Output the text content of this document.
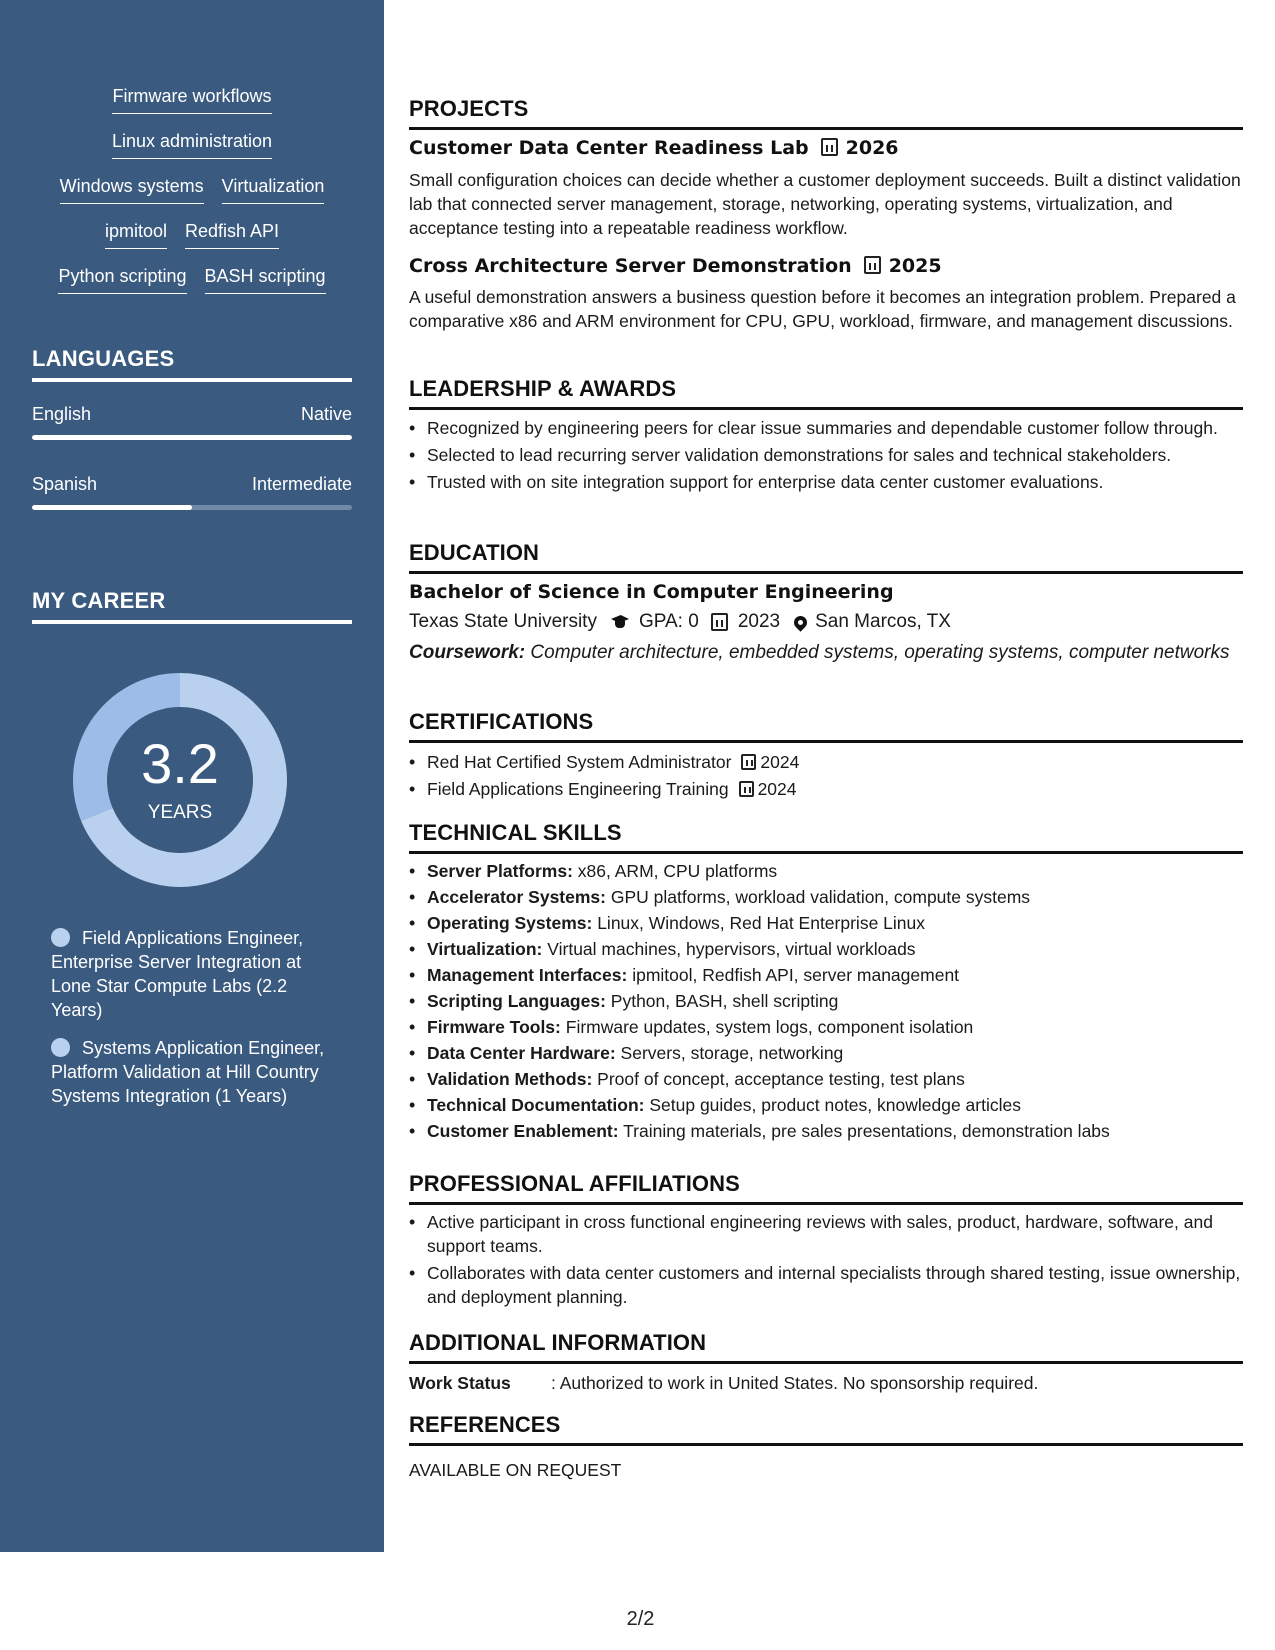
Firmware workflows
Linux administration
Windows systems Virtualization
ipmitool Redfish API
Python scripting BASH scripting
LANGUAGES
English	Native
Spanish	Intermediate
MY CAREER
3.2
YEARS
Field Applications Engineer, Enterprise Server Integration at Lone Star Compute Labs (2.2 Years)
Systems Application Engineer, Platform Validation at Hill Country Systems Integration (1 Years)
PROJECTS
Customer Data Center Readiness Lab 2026
Small configuration choices can decide whether a customer deployment succeeds. Built a distinct validation lab that connected server management, storage, networking, operating systems, virtualization, and acceptance testing into a repeatable readiness workflow.
Cross Architecture Server Demonstration 2025
A useful demonstration answers a business question before it becomes an integration problem. Prepared a comparative x86 and ARM environment for CPU, GPU, workload, firmware, and management discussions.
LEADERSHIP & AWARDS
• Recognized by engineering peers for clear issue summaries and dependable customer follow through.
• Selected to lead recurring server validation demonstrations for sales and technical stakeholders.
• Trusted with on site integration support for enterprise data center customer evaluations.
EDUCATION
Bachelor of Science in Computer Engineering
Texas State University GPA: 0 2023 San Marcos, TX
Coursework: Computer architecture, embedded systems, operating systems, computer networks
CERTIFICATIONS
• Red Hat Certified System Administrator 2024
• Field Applications Engineering Training 2024
TECHNICAL SKILLS
• Server Platforms: x86, ARM, CPU platforms
• Accelerator Systems: GPU platforms, workload validation, compute systems
• Operating Systems: Linux, Windows, Red Hat Enterprise Linux
• Virtualization: Virtual machines, hypervisors, virtual workloads
• Management Interfaces: ipmitool, Redfish API, server management
• Scripting Languages: Python, BASH, shell scripting
• Firmware Tools: Firmware updates, system logs, component isolation
• Data Center Hardware: Servers, storage, networking
• Validation Methods: Proof of concept, acceptance testing, test plans
• Technical Documentation: Setup guides, product notes, knowledge articles
• Customer Enablement: Training materials, pre sales presentations, demonstration labs
PROFESSIONAL AFFILIATIONS
• Active participant in cross functional engineering reviews with sales, product, hardware, software, and support teams.
• Collaborates with data center customers and internal specialists through shared testing, issue ownership, and deployment planning.
ADDITIONAL INFORMATION
Work Status	: Authorized to work in United States. No sponsorship required.
REFERENCES
AVAILABLE ON REQUEST
2/2
